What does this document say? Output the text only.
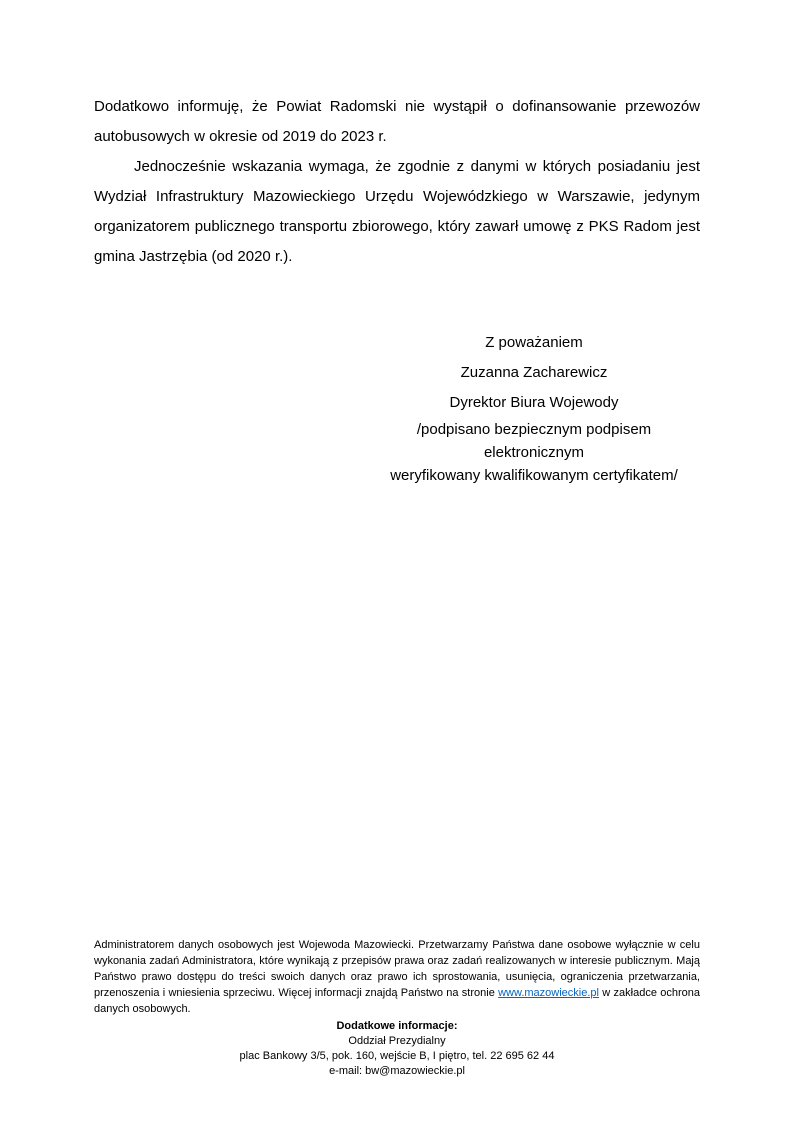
Dodatkowo informuję, że Powiat Radomski nie wystąpił o dofinansowanie przewozów autobusowych w okresie od 2019 do 2023 r.

Jednocześnie wskazania wymaga, że zgodnie z danymi w których posiadaniu jest Wydział Infrastruktury Mazowieckiego Urzędu Wojewódzkiego w Warszawie, jedynym organizatorem publicznego transportu zbiorowego, który zawarł umowę z PKS Radom jest gmina Jastrzębia (od 2020 r.).

Z poważaniem
Zuzanna Zacharewicz
Dyrektor Biura Wojewody
/podpisano bezpiecznym podpisem elektronicznym
weryfikowany kwalifikowanym certyfikatem/

Administratorem danych osobowych jest Wojewoda Mazowiecki. Przetwarzamy Państwa dane osobowe wyłącznie w celu wykonania zadań Administratora, które wynikają z przepisów prawa oraz zadań realizowanych w interesie publicznym. Mają Państwo prawo dostępu do treści swoich danych oraz prawo ich sprostowania, usunięcia, ograniczenia przetwarzania, przenoszenia i wniesienia sprzeciwu. Więcej informacji znajdą Państwo na stronie www.mazowieckie.pl w zakładce ochrona danych osobowych.

Dodatkowe informacje:
Oddział Prezydialny
plac Bankowy 3/5, pok. 160, wejście B, I piętro, tel. 22 695 62 44
e-mail: bw@mazowieckie.pl
